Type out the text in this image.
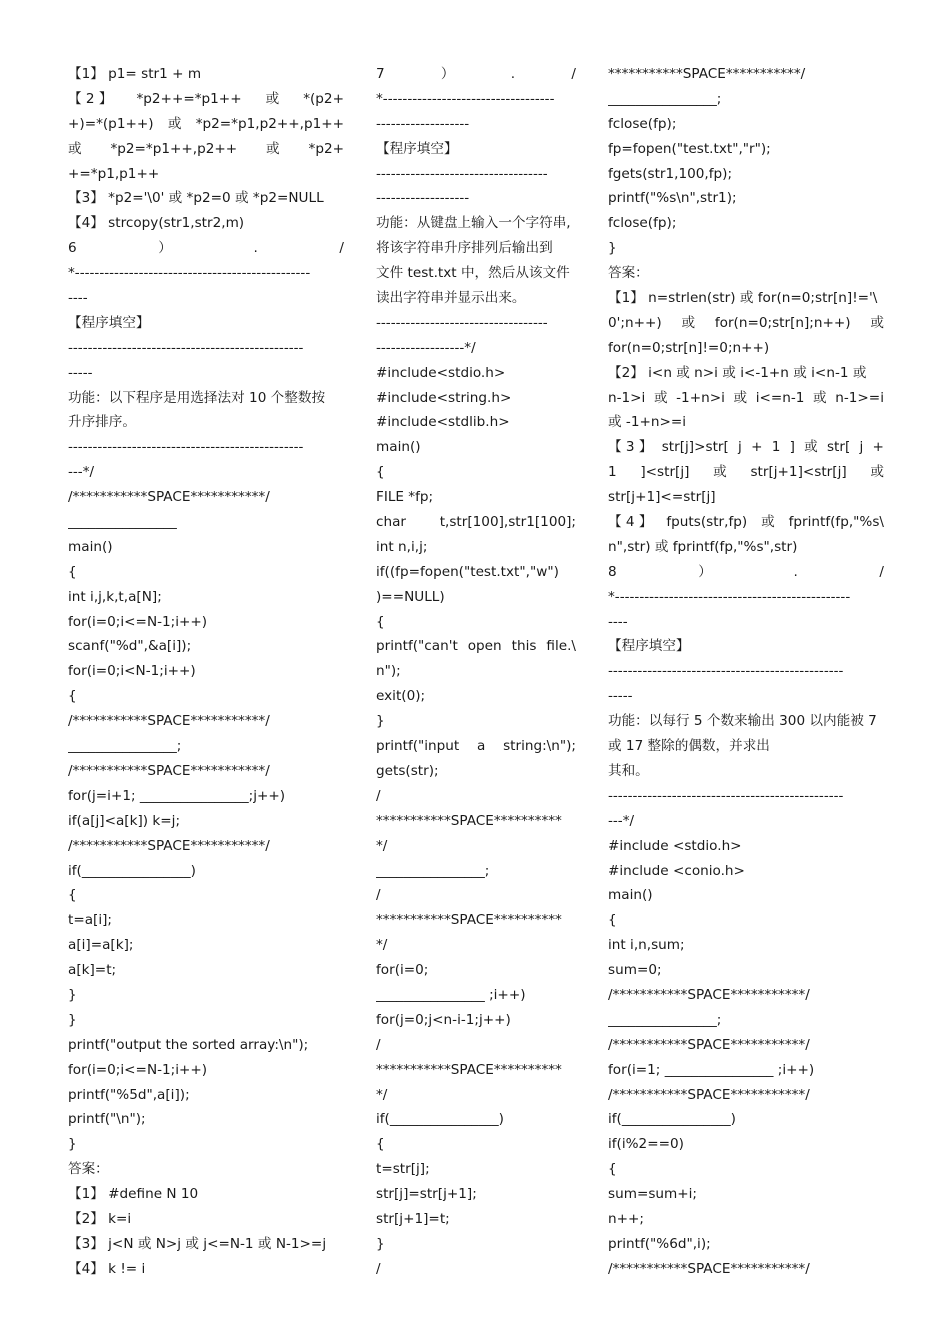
【1】 p1= str1 + m
【 2 】 *p2++=*p1++ 或 *(p2+
+)=*(p1++) 或 *p2=*p1,p2++,p1++
或 *p2=*p1++,p2++ 或 *p2+
+=*p1,p1++
【3】 *p2='\0' 或 *p2=0 或 *p2=NULL
【4】 strcopy(str1,str2,m)
6	）	.	/
*------------------------------------------------
----
【程序填空】
------------------------------------------------
-----
功能：以下程序是用选择法对 10 个整数按
升序排序。
------------------------------------------------
---*/
/***********SPACE***********/
________________
main()
{
int i,j,k,t,a[N];
for(i=0;i<=N-1;i++)
scanf("%d",&a[i]);
for(i=0;i<N-1;i++)
{
/***********SPACE***********/
________________;
/***********SPACE***********/
for(j=i+1; ________________;j++)
if(a[j]<a[k]) k=j;
/***********SPACE***********/
if(________________)
{
t=a[i];
a[i]=a[k];
a[k]=t;
}
}
printf("output the sorted array:\n");
for(i=0;i<=N-1;i++)
printf("%5d",a[i]);
printf("\n");
}
答案：
【1】 #define N 10
【2】 k=i
【3】 j<N 或 N>j 或 j<=N-1 或 N-1>=j
【4】 k != i
7	）	.	/
*-----------------------------------
-------------------
【程序填空】
-----------------------------------
-------------------
功能：从键盘上输入一个字符串,
将该字符串升序排列后输出到
文件 test.txt 中，然后从该文件
读出字符串并显示出来。
-----------------------------------
------------------*/
#include<stdio.h>
#include<string.h>
#include<stdlib.h>
main()
{
FILE *fp;
char t,str[100],str1[100];
int n,i,j;
if((fp=fopen("test.txt","w")
)==NULL)
{
printf("can't open this file.\
n");
exit(0);
}
printf("input a string:\n");
gets(str);
/
***********SPACE**********
*/
________________;
/
***********SPACE**********
*/
for(i=0;
________________ ;i++)
for(j=0;j<n-i-1;j++)
/
***********SPACE**********
*/
if(________________)
{
t=str[j];
str[j]=str[j+1];
str[j+1]=t;
}
/
***********SPACE***********/
________________;
fclose(fp);
fp=fopen("test.txt","r");
fgets(str1,100,fp);
printf("%s\n",str1);
fclose(fp);
}
答案：
【1】 n=strlen(str) 或 for(n=0;str[n]!='\
0';n++) 或 for(n=0;str[n];n++) 或
for(n=0;str[n]!=0;n++)
【2】 i<n 或 n>i 或 i<-1+n 或 i<n-1 或
n-1>i 或 -1+n>i 或 i<=n-1 或 n-1>=i
或 -1+n>=i
【 3 】 str[j]>str[ j + 1 ] 或 str[ j +
1 ]<str[j] 或 str[j+1]<str[j] 或
str[j+1]<=str[j]
【 4 】 fputs(str,fp) 或 fprintf(fp,"%s\
n",str) 或 fprintf(fp,"%s",str)
8	）	.	/
*------------------------------------------------
----
【程序填空】
------------------------------------------------
-----
功能：以每行 5 个数来输出 300 以内能被 7
或 17 整除的偶数，并求出
其和。
------------------------------------------------
---*/
#include <stdio.h>
#include <conio.h>
main()
{
int i,n,sum;
sum=0;
/***********SPACE***********/
________________;
/***********SPACE***********/
for(i=1; ________________ ;i++)
/***********SPACE***********/
if(________________)
if(i%2==0)
{
sum=sum+i;
n++;
printf("%6d",i);
/***********SPACE***********/
